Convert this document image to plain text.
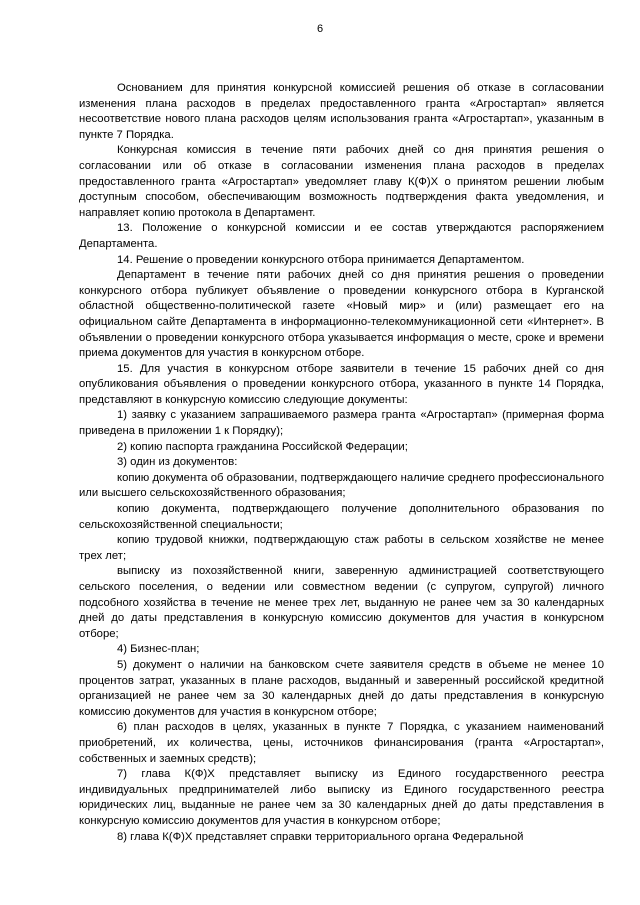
6

Основанием для принятия конкурсной комиссией решения об отказе в согласовании изменения плана расходов в пределах предоставленного гранта «Агростартап» является несоответствие нового плана расходов целям использования гранта «Агростартап», указанным в пункте 7 Порядка.

Конкурсная комиссия в течение пяти рабочих дней со дня принятия решения о согласовании или об отказе в согласовании изменения плана расходов в пределах предоставленного гранта «Агростартап» уведомляет главу К(Ф)Х о принятом решении любым доступным способом, обеспечивающим возможность подтверждения факта уведомления, и направляет копию протокола в Департамент.

13. Положение о конкурсной комиссии и ее состав утверждаются распоряжением Департамента.

14. Решение о проведении конкурсного отбора принимается Департаментом.

Департамент в течение пяти рабочих дней со дня принятия решения о проведении конкурсного отбора публикует объявление о проведении конкурсного отбора в Курганской областной общественно-политической газете «Новый мир» и (или) размещает его на официальном сайте Департамента в информационно-телекоммуникационной сети «Интернет». В объявлении о проведении конкурсного отбора указывается информация о месте, сроке и времени приема документов для участия в конкурсном отборе.

15. Для участия в конкурсном отборе заявители в течение 15 рабочих дней со дня опубликования объявления о проведении конкурсного отбора, указанного в пункте 14 Порядка, представляют в конкурсную комиссию следующие документы:

1) заявку с указанием запрашиваемого размера гранта «Агростартап» (примерная форма приведена в приложении 1 к Порядку);

2) копию паспорта гражданина Российской Федерации;

3) один из документов:

копию документа об образовании, подтверждающего наличие среднего профессионального или высшего сельскохозяйственного образования;

копию документа, подтверждающего получение дополнительного образования по сельскохозяйственной специальности;

копию трудовой книжки, подтверждающую стаж работы в сельском хозяйстве не менее трех лет;

выписку из похозяйственной книги, заверенную администрацией соответствующего сельского поселения, о ведении или совместном ведении (с супругом, супругой) личного подсобного хозяйства в течение не менее трех лет, выданную не ранее чем за 30 календарных дней до даты представления в конкурсную комиссию документов для участия в конкурсном отборе;

4) Бизнес-план;

5) документ о наличии на банковском счете заявителя средств в объеме не менее 10 процентов затрат, указанных в плане расходов, выданный и заверенный российской кредитной организацией не ранее чем за 30 календарных дней до даты представления в конкурсную комиссию документов для участия в конкурсном отборе;

6) план расходов в целях, указанных в пункте 7 Порядка, с указанием наименований приобретений, их количества, цены, источников финансирования (гранта «Агростартап», собственных и заемных средств);

7) глава К(Ф)Х представляет выписку из Единого государственного реестра индивидуальных предпринимателей либо выписку из Единого государственного реестра юридических лиц, выданные не ранее чем за 30 календарных дней до даты представления в конкурсную комиссию документов для участия в конкурсном отборе;

8) глава К(Ф)Х представляет справки территориального органа Федеральной
